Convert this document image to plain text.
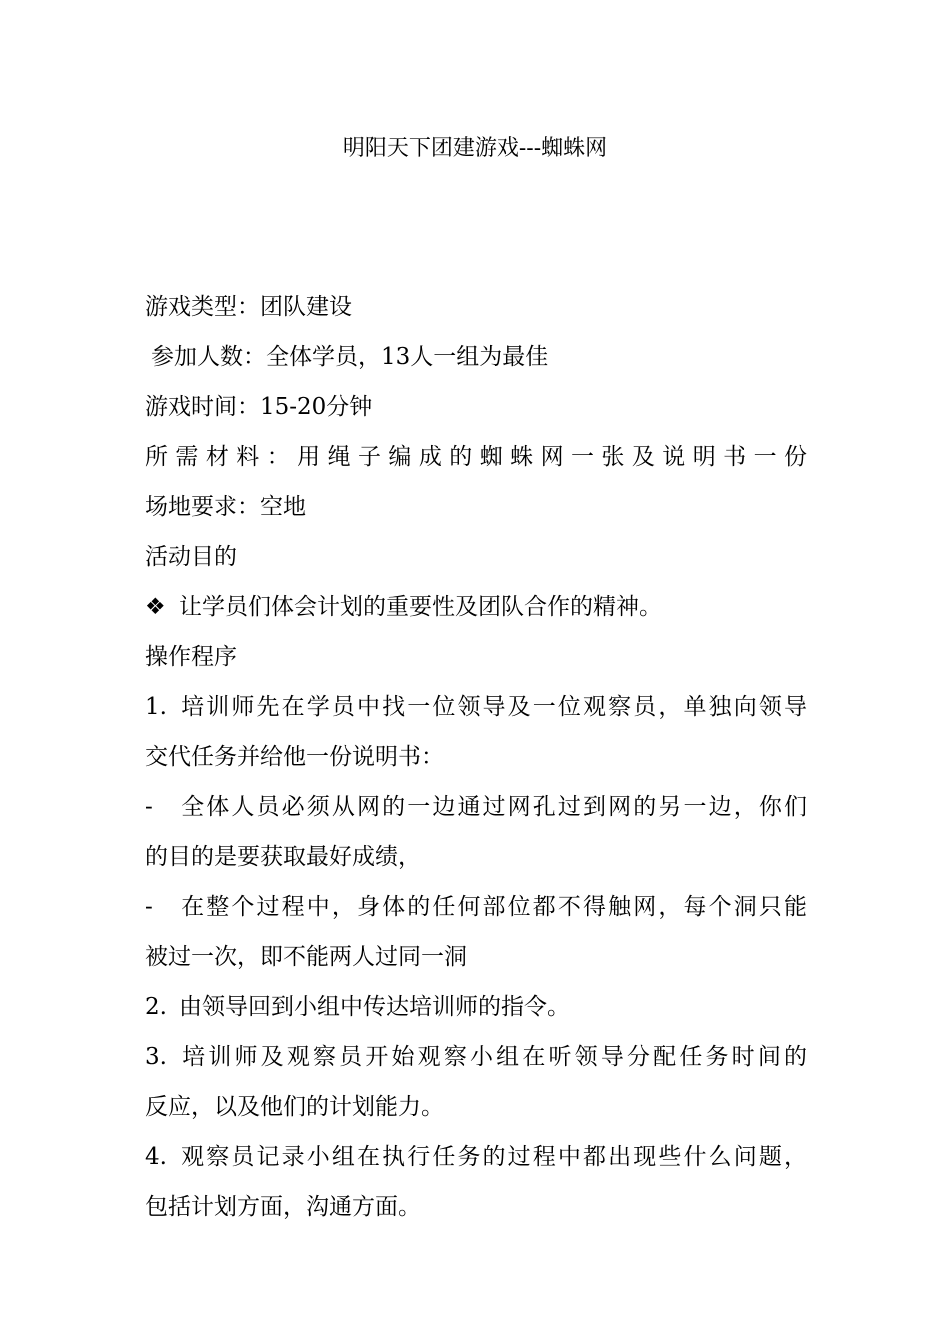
明阳天下团建游戏---蜘蛛网
游戏类型：团队建设
参加人数：全体学员，13人一组为最佳
游戏时间：15-20分钟
所需材料：用绳子编成的蜘蛛网一张及说明书一份
场地要求：空地
活动目的
❖ 让学员们体会计划的重要性及团队合作的精神。
操作程序
1. 培训师先在学员中找一位领导及一位观察员，单独向领导
交代任务并给他一份说明书：
- 全体人员必须从网的一边通过网孔过到网的另一边，你们
的目的是要获取最好成绩，
- 在整个过程中，身体的任何部位都不得触网，每个洞只能
被过一次，即不能两人过同一洞
2. 由领导回到小组中传达培训师的指令。
3. 培训师及观察员开始观察小组在听领导分配任务时间的
反应，以及他们的计划能力。
4. 观察员记录小组在执行任务的过程中都出现些什么问题，
包括计划方面，沟通方面。
